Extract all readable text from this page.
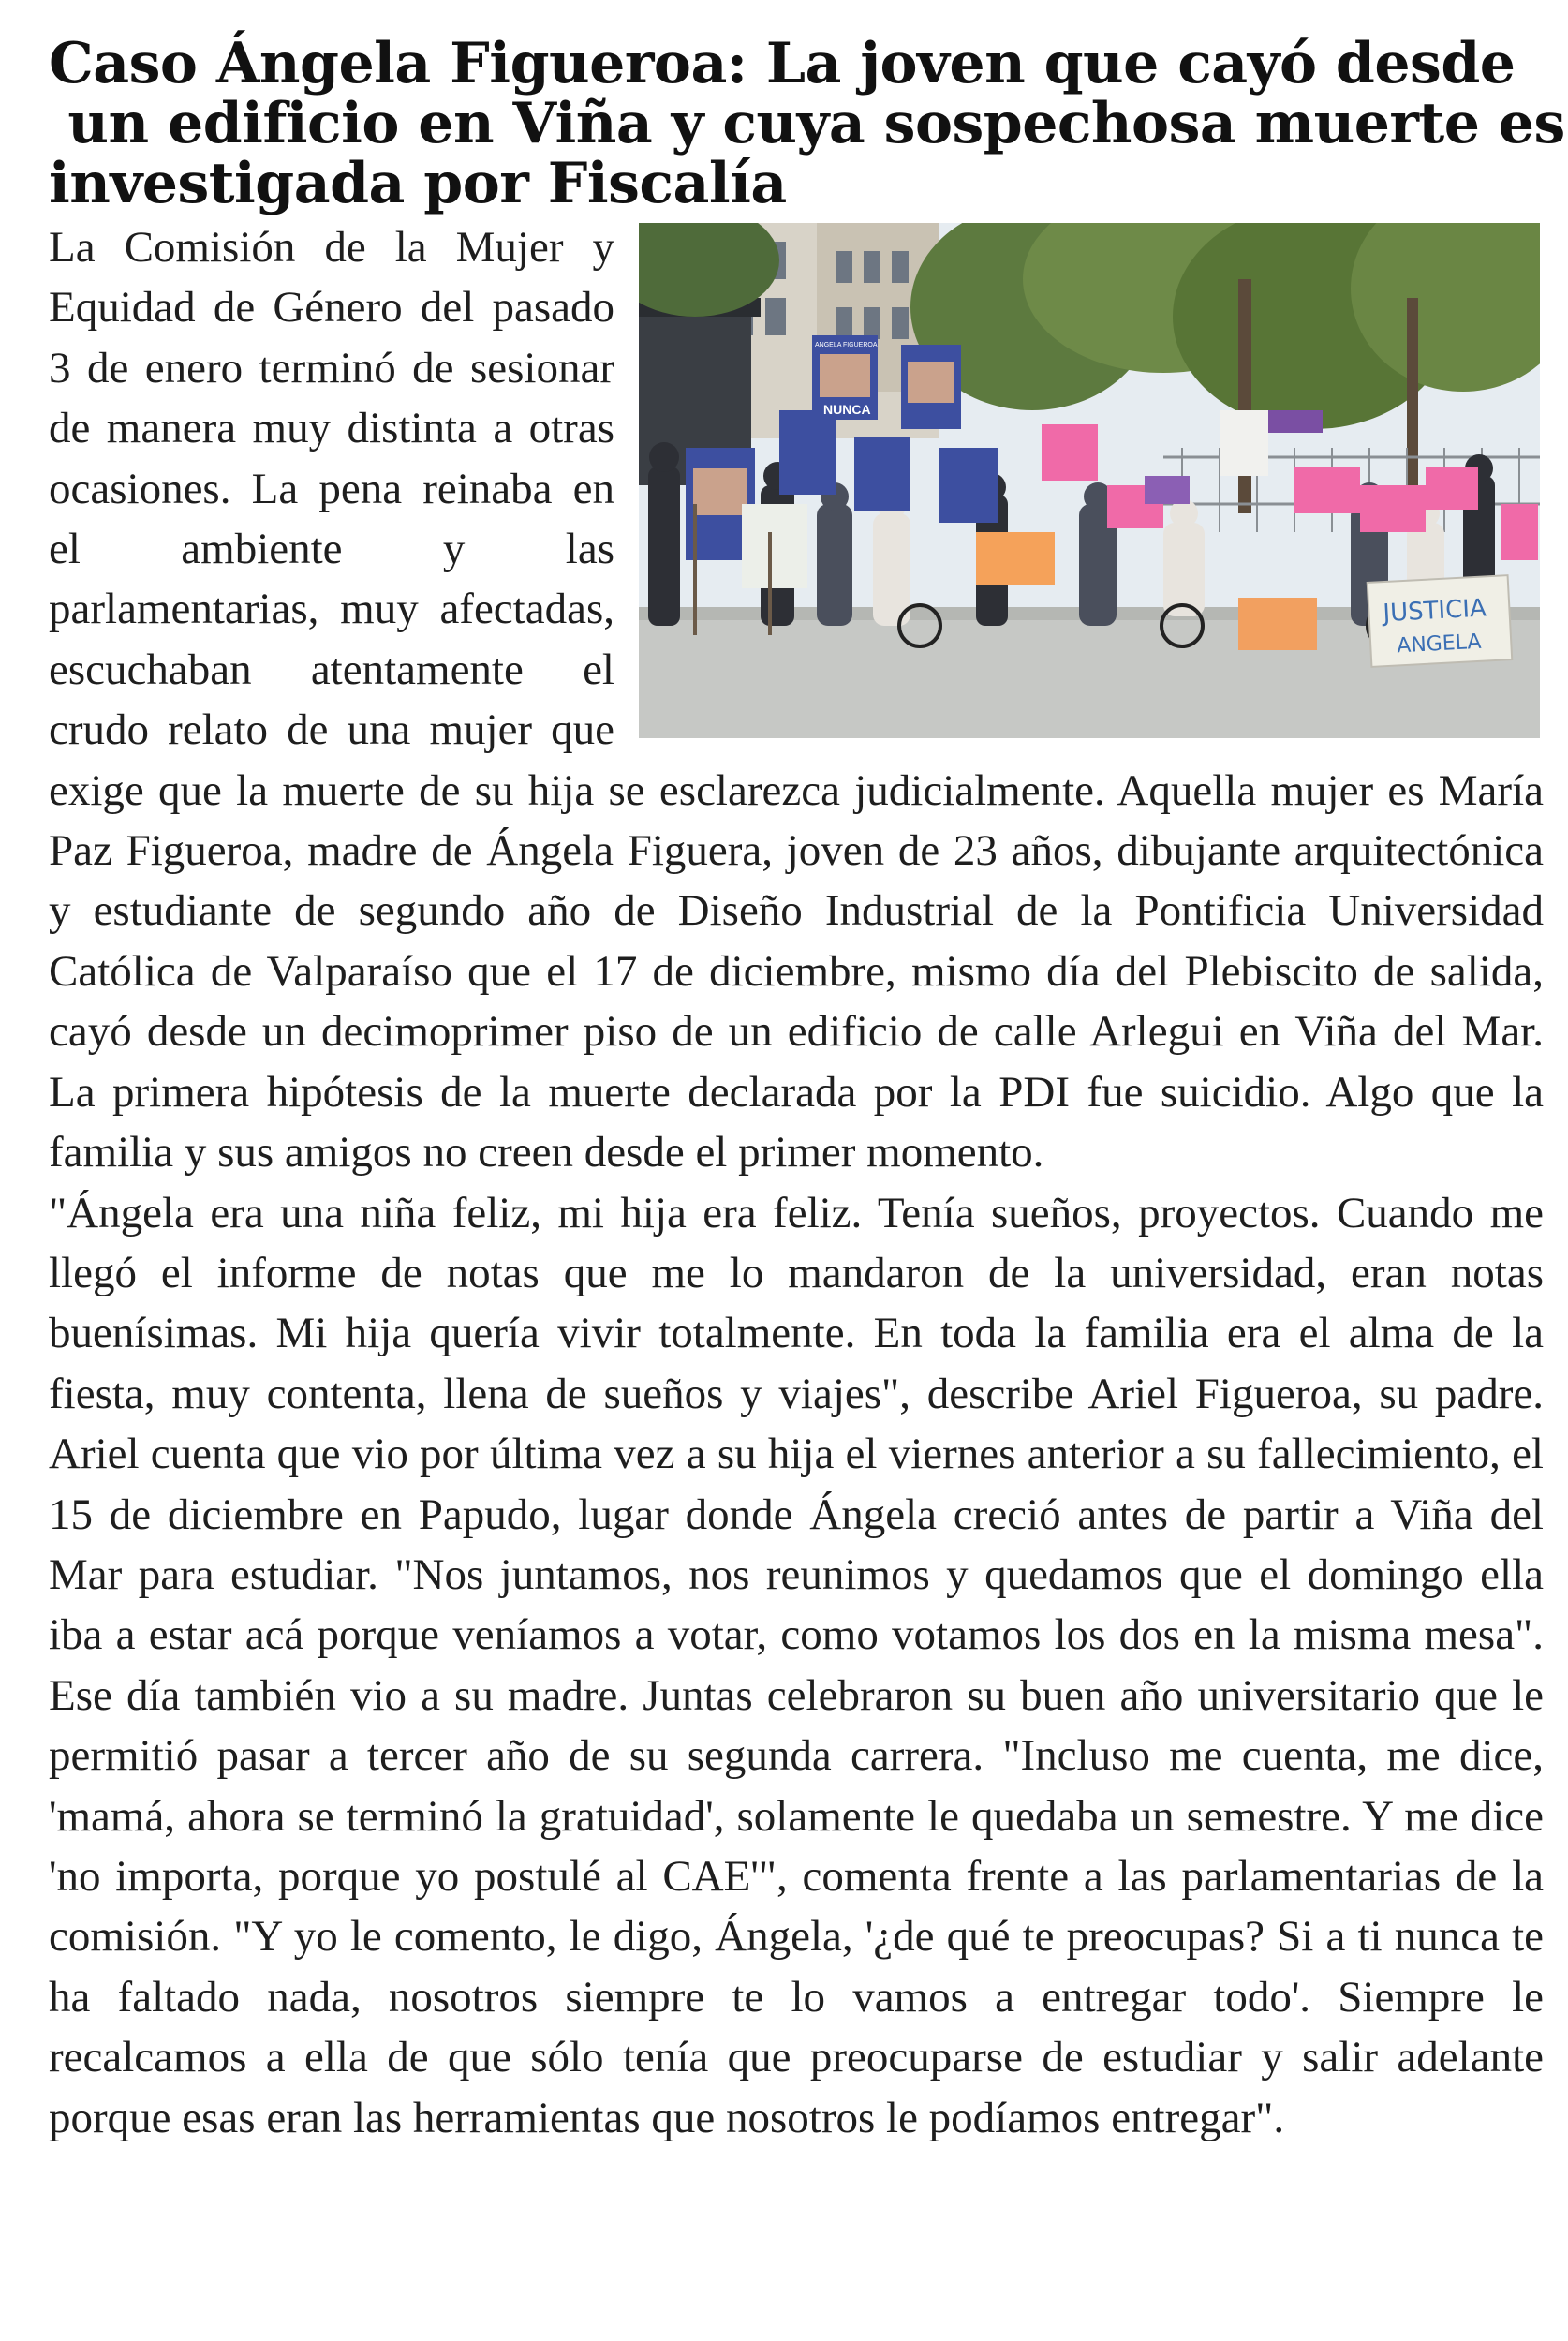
Caso Ángela Figueroa: La joven que cayó desde
un edificio en Viña y cuya sospechosa muerte es
investigada por Fiscalía
NUNCA
ANGELA FIGUEROA
JUSTICIA
ANGELA

La Comisión de la Mujer y Equidad de Género del pasado 3 de enero terminó de sesionar de manera muy distinta a otras ocasiones. La pena reinaba en el ambiente y las parlamentarias, muy afectadas, escuchaban atentamente el crudo relato de una mujer que exige que la muerte de su hija se esclarezca judicialmente. Aquella mujer es María Paz Figueroa, madre de Ángela Figuera, joven de 23 años, dibujante arquitectónica y estudiante de segundo año de Diseño Industrial de la Pontificia Universidad Católica de Valparaíso que el 17 de diciembre, mismo día del Plebiscito de salida, cayó desde un decimoprimer piso de un edificio de calle Arlegui en Viña del Mar. La primera hipótesis de la muerte declarada por la PDI fue suicidio. Algo que la familia y sus amigos no creen desde el primer momento.

"Ángela era una niña feliz, mi hija era feliz. Tenía sueños, proyectos. Cuando me llegó el informe de notas que me lo mandaron de la universidad, eran notas buenísimas. Mi hija quería vivir totalmente. En toda la familia era el alma de la fiesta, muy contenta, llena de sueños y viajes", describe Ariel Figueroa, su padre. Ariel cuenta que vio por última vez a su hija el viernes anterior a su fallecimiento, el 15 de diciembre en Papudo, lugar donde Ángela creció antes de partir a Viña del Mar para estudiar. "Nos juntamos, nos reunimos y quedamos que el domingo ella iba a estar acá porque veníamos a votar, como votamos los dos en la misma mesa". Ese día también vio a su madre. Juntas celebraron su buen año universitario que le permitió pasar a tercer año de su segunda carrera. "Incluso me cuenta, me dice, 'mamá, ahora se terminó la gratuidad', solamente le quedaba un semestre. Y me dice 'no importa, porque yo postulé al CAE'", comenta frente a las parlamentarias de la comisión. "Y yo le comento, le digo, Ángela, '¿de qué te preocupas? Si a ti nunca te ha faltado nada, nosotros siempre te lo vamos a entregar todo'. Siempre le recalcamos a ella de que sólo tenía que preocuparse de estudiar y salir adelante porque esas eran las herramientas que nosotros le podíamos entregar".
